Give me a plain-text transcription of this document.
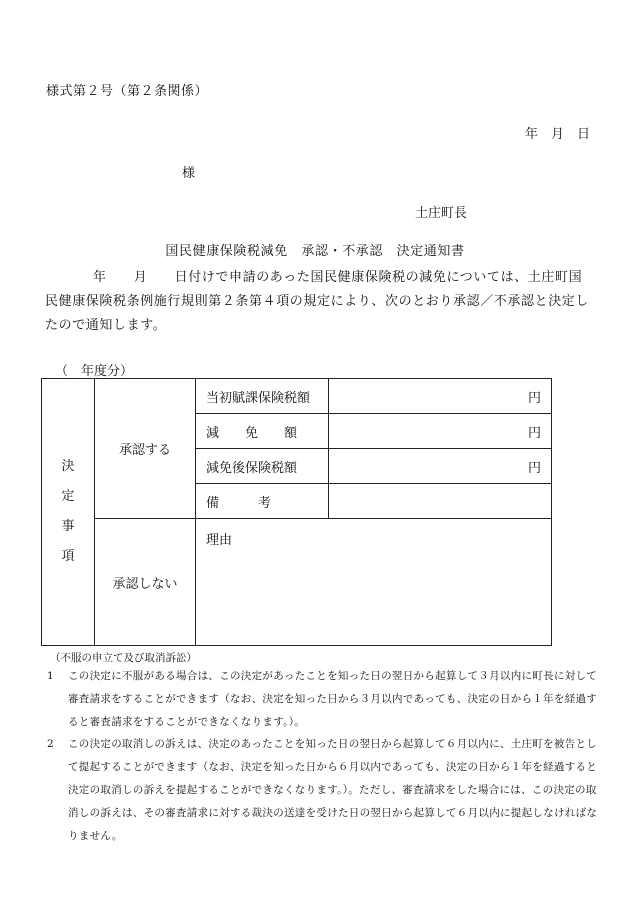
様式第２号（第２条関係）
年　月　日
様
土庄町長
国民健康保険税減免　承認・不承認　決定通知書
年　　月　　日付けで申請のあった国民健康保険税の減免については、土庄町国民健康保険税条例施行規則第２条第４項の規定により、次のとおり承認／不承認と決定したので通知します。
（　年度分）
決
定
事
項	承認する	当初賦課保険税額	円
		減　　免　　額	円
		減免後保険税額	円
		備　　　考	
	承認しない	理由	
（不服の申立て及び取消訴訟）
1	この決定に不服がある場合は、この決定があったことを知った日の翌日から起算して３月以内に町長に対して審査請求をすることができます（なお、決定を知った日から３月以内であっても、決定の日から１年を経過すると審査請求をすることができなくなります。）。
2	この決定の取消しの訴えは、決定のあったことを知った日の翌日から起算して６月以内に、土庄町を被告として提起することができます（なお、決定を知った日から６月以内であっても、決定の日から１年を経過すると決定の取消しの訴えを提起することができなくなります。）。ただし、審査請求をした場合には、この決定の取消しの訴えは、その審査請求に対する裁決の送達を受けた日の翌日から起算して６月以内に提起しなければなりません。
